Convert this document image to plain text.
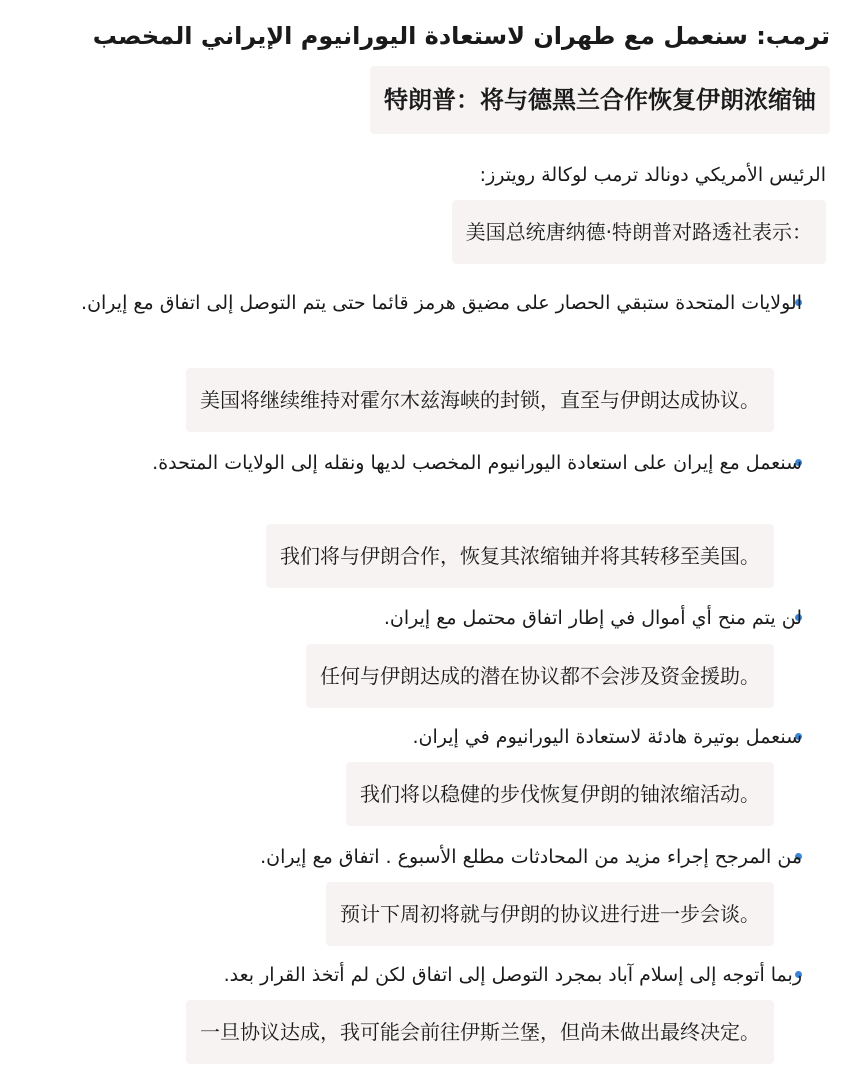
ترمب: سنعمل مع طهران لاستعادة اليورانيوم الإيراني المخصب
特朗普：将与德黑兰合作恢复伊朗浓缩铀
الرئيس الأمريكي دونالد ترمب لوكالة رويترز:
美国总统唐纳德·特朗普对路透社表示：
الولايات المتحدة ستبقي الحصار على مضيق هرمز قائما حتى يتم التوصل إلى اتفاق مع إيران.
美国将继续维持对霍尔木兹海峡的封锁，直至与伊朗达成协议。
سنعمل مع إيران على استعادة اليورانيوم المخصب لديها ونقله إلى الولايات المتحدة.
我们将与伊朗合作，恢复其浓缩铀并将其转移至美国。
لن يتم منح أي أموال في إطار اتفاق محتمل مع إيران.
任何与伊朗达成的潜在协议都不会涉及资金援助。
سنعمل بوتيرة هادئة لاستعادة اليورانيوم في إيران.
我们将以稳健的步伐恢复伊朗的铀浓缩活动。
من المرجح إجراء مزيد من المحادثات مطلع الأسبوع . اتفاق مع إيران.
预计下周初将就与伊朗的协议进行进一步会谈。
ربما أتوجه إلى إسلام آباد بمجرد التوصل إلى اتفاق لكن لم أتخذ القرار بعد.
一旦协议达成，我可能会前往伊斯兰堡，但尚未做出最终决定。
